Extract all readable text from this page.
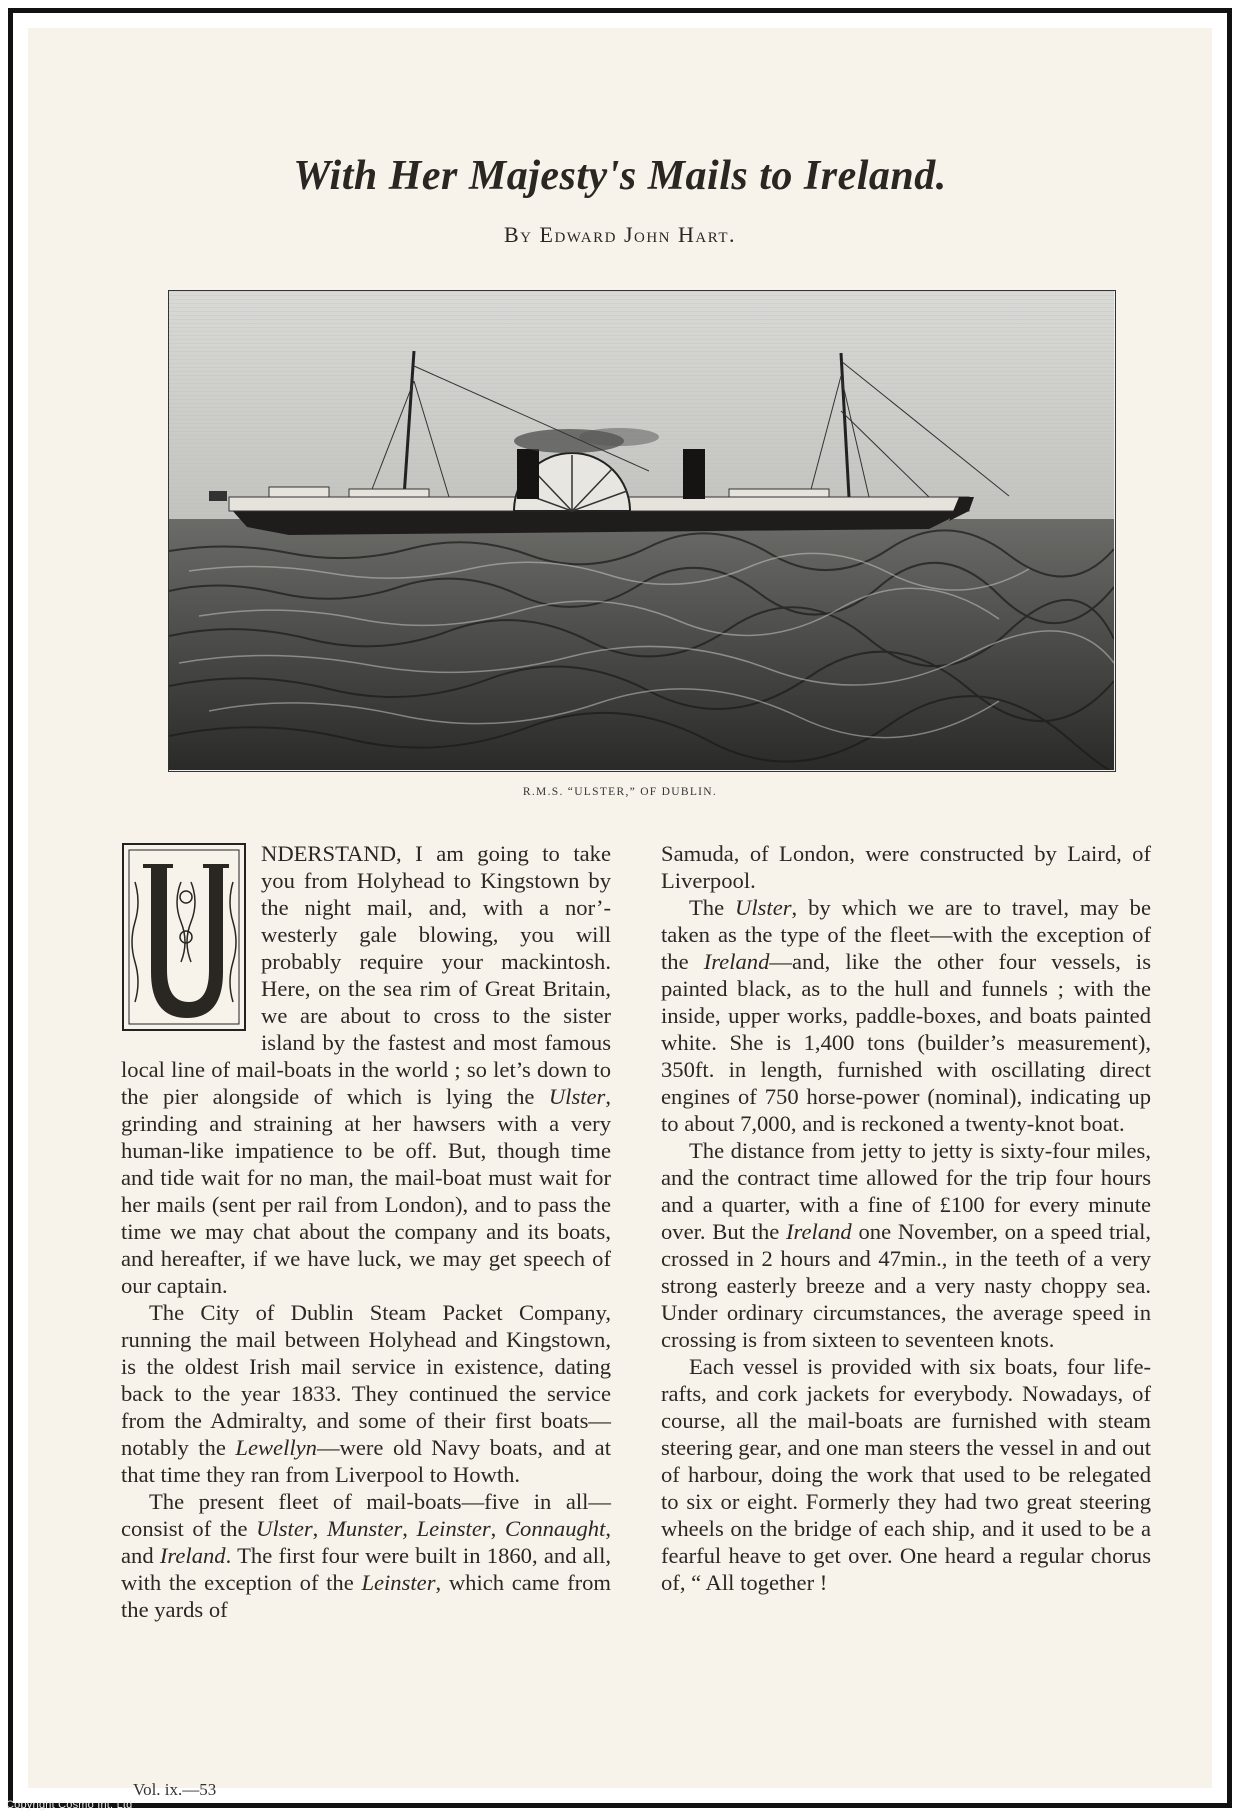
With Her Majesty's Mails to Ireland.
By Edward John Hart.
R.M.S. “ULSTER,” OF DUBLIN.

NDERSTAND, I am going to take you from Holyhead to Kingstown by the night mail, and, with a nor’-westerly gale blowing, you will probably require your mackintosh. Here, on the sea rim of Great Britain, we are about to cross to the sister island by the fastest and most famous local line of mail-boats in the world ; so let’s down to the pier alongside of which is lying the Ulster, grinding and straining at her hawsers with a very human-like impatience to be off. But, though time and tide wait for no man, the mail-boat must wait for her mails (sent per rail from London), and to pass the time we may chat about the company and its boats, and hereafter, if we have luck, we may get speech of our captain.

The City of Dublin Steam Packet Company, running the mail between Holyhead and Kingstown, is the oldest Irish mail service in existence, dating back to the year 1833. They continued the service from the Admiralty, and some of their first boats—notably the Lewellyn—were old Navy boats, and at that time they ran from Liverpool to Howth.

The present fleet of mail-boats—five in all—consist of the Ulster, Munster, Leinster, Connaught, and Ireland. The first four were built in 1860, and all, with the exception of the Leinster, which came from the yards of

Samuda, of London, were constructed by Laird, of Liverpool.

The Ulster, by which we are to travel, may be taken as the type of the fleet—with the exception of the Ireland—and, like the other four vessels, is painted black, as to the hull and funnels ; with the inside, upper works, paddle-boxes, and boats painted white. She is 1,400 tons (builder’s measurement), 350ft. in length, furnished with oscillating direct engines of 750 horse-power (nominal), indicating up to about 7,000, and is reckoned a twenty-knot boat.

The distance from jetty to jetty is sixty-four miles, and the contract time allowed for the trip four hours and a quarter, with a fine of £100 for every minute over. But the Ireland one November, on a speed trial, crossed in 2 hours and 47min., in the teeth of a very strong easterly breeze and a very nasty choppy sea. Under ordinary circumstances, the average speed in crossing is from sixteen to seventeen knots.

Each vessel is provided with six boats, four life-rafts, and cork jackets for everybody. Nowadays, of course, all the mail-boats are furnished with steam steering gear, and one man steers the vessel in and out of harbour, doing the work that used to be relegated to six or eight. Formerly they had two great steering wheels on the bridge of each ship, and it used to be a fearful heave to get over. One heard a regular chorus of, “ All together !

Vol. ix.—53
Copyright Cosmo Int. Ltd
